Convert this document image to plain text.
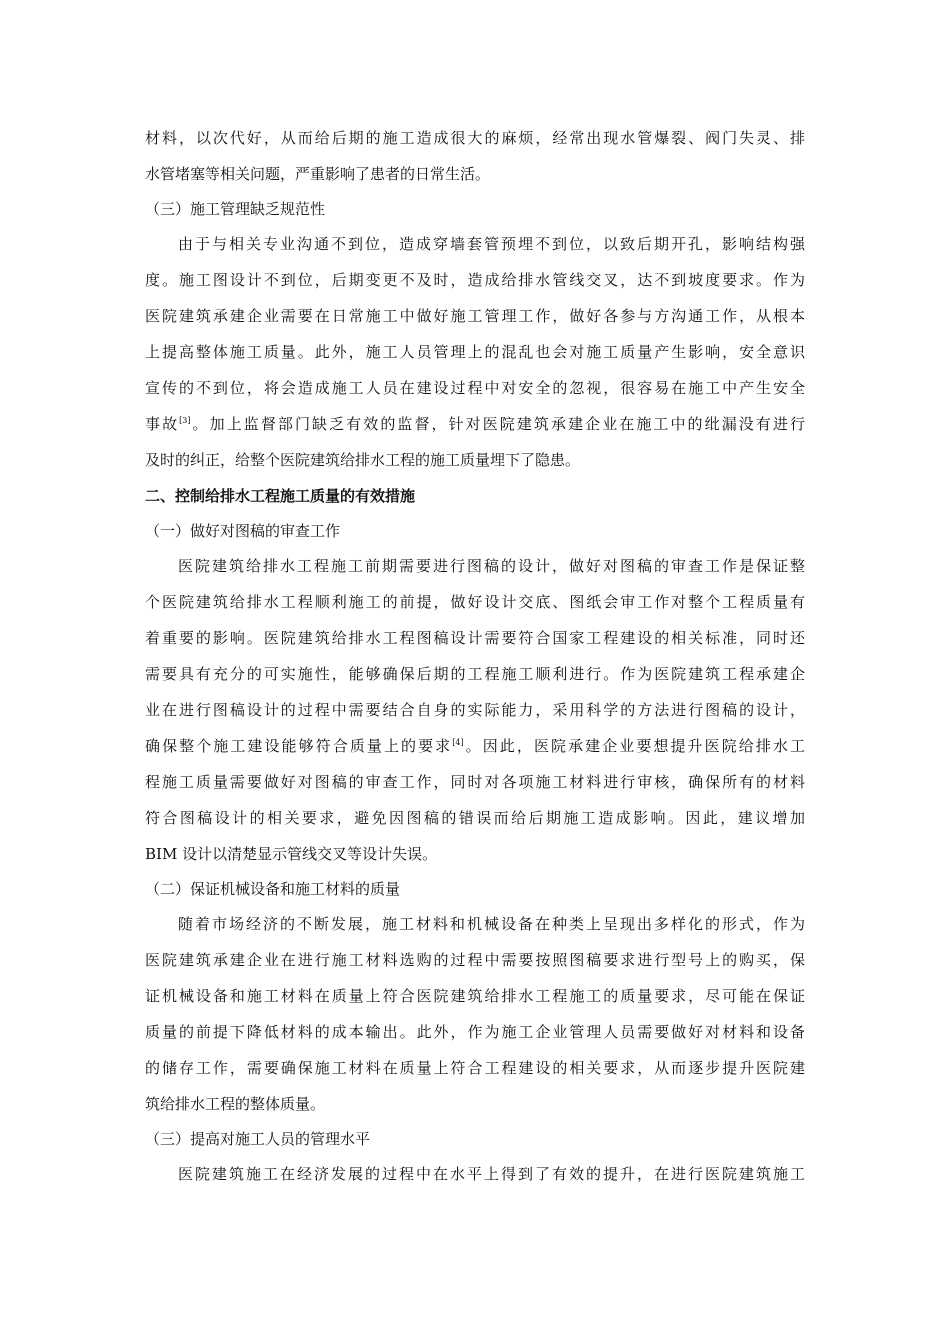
材料，以次代好，从而给后期的施工造成很大的麻烦，经常出现水管爆裂、阀门失灵、排
水管堵塞等相关问题，严重影响了患者的日常生活。
（三）施工管理缺乏规范性
由于与相关专业沟通不到位，造成穿墙套管预埋不到位，以致后期开孔，影响结构强
度。施工图设计不到位，后期变更不及时，造成给排水管线交叉，达不到坡度要求。作为
医院建筑承建企业需要在日常施工中做好施工管理工作，做好各参与方沟通工作，从根本
上提高整体施工质量。此外，施工人员管理上的混乱也会对施工质量产生影响，安全意识
宣传的不到位，将会造成施工人员在建设过程中对安全的忽视，很容易在施工中产生安全
事故[3]。加上监督部门缺乏有效的监督，针对医院建筑承建企业在施工中的纰漏没有进行
及时的纠正，给整个医院建筑给排水工程的施工质量埋下了隐患。
二、控制给排水工程施工质量的有效措施
（一）做好对图稿的审查工作
医院建筑给排水工程施工前期需要进行图稿的设计，做好对图稿的审查工作是保证整
个医院建筑给排水工程顺利施工的前提，做好设计交底、图纸会审工作对整个工程质量有
着重要的影响。医院建筑给排水工程图稿设计需要符合国家工程建设的相关标准，同时还
需要具有充分的可实施性，能够确保后期的工程施工顺利进行。作为医院建筑工程承建企
业在进行图稿设计的过程中需要结合自身的实际能力，采用科学的方法进行图稿的设计，
确保整个施工建设能够符合质量上的要求[4]。因此，医院承建企业要想提升医院给排水工
程施工质量需要做好对图稿的审查工作，同时对各项施工材料进行审核，确保所有的材料
符合图稿设计的相关要求，避免因图稿的错误而给后期施工造成影响。因此，建议增加
BIM 设计以清楚显示管线交叉等设计失误。
（二）保证机械设备和施工材料的质量
随着市场经济的不断发展，施工材料和机械设备在种类上呈现出多样化的形式，作为
医院建筑承建企业在进行施工材料选购的过程中需要按照图稿要求进行型号上的购买，保
证机械设备和施工材料在质量上符合医院建筑给排水工程施工的质量要求，尽可能在保证
质量的前提下降低材料的成本输出。此外，作为施工企业管理人员需要做好对材料和设备
的储存工作，需要确保施工材料在质量上符合工程建设的相关要求，从而逐步提升医院建
筑给排水工程的整体质量。
（三）提高对施工人员的管理水平
医院建筑施工在经济发展的过程中在水平上得到了有效的提升，在进行医院建筑施工
